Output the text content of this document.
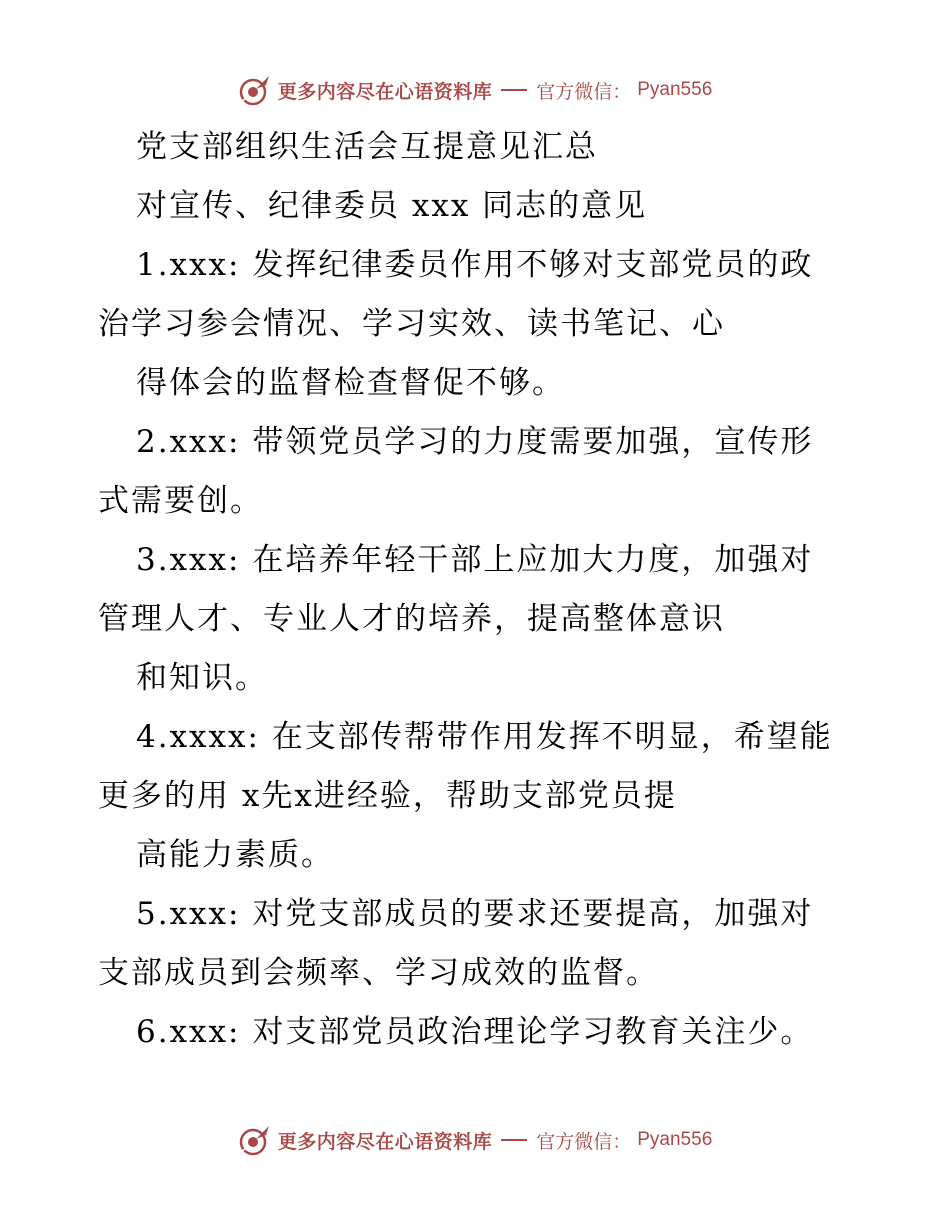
更多内容尽在心语资料库 官方微信： Pyan556
党支部组织生活会互提意见汇总
对宣传、纪律委员 xxx 同志的意见
1.xxx: 发挥纪律委员作用不够对支部党员的政
治学习参会情况、学习实效、读书笔记、心
得体会的监督检查督促不够。
2.xxx: 带领党员学习的力度需要加强，宣传形
式需要创。
3.xxx: 在培养年轻干部上应加大力度，加强对
管理人才、专业人才的培养，提高整体意识
和知识。
4.xxxx: 在支部传帮带作用发挥不明显，希望能
更多的用 x先x进经验，帮助支部党员提
高能力素质。
5.xxx: 对党支部成员的要求还要提高，加强对
支部成员到会频率、学习成效的监督。
6.xxx: 对支部党员政治理论学习教育关注少。
更多内容尽在心语资料库 官方微信： Pyan556
